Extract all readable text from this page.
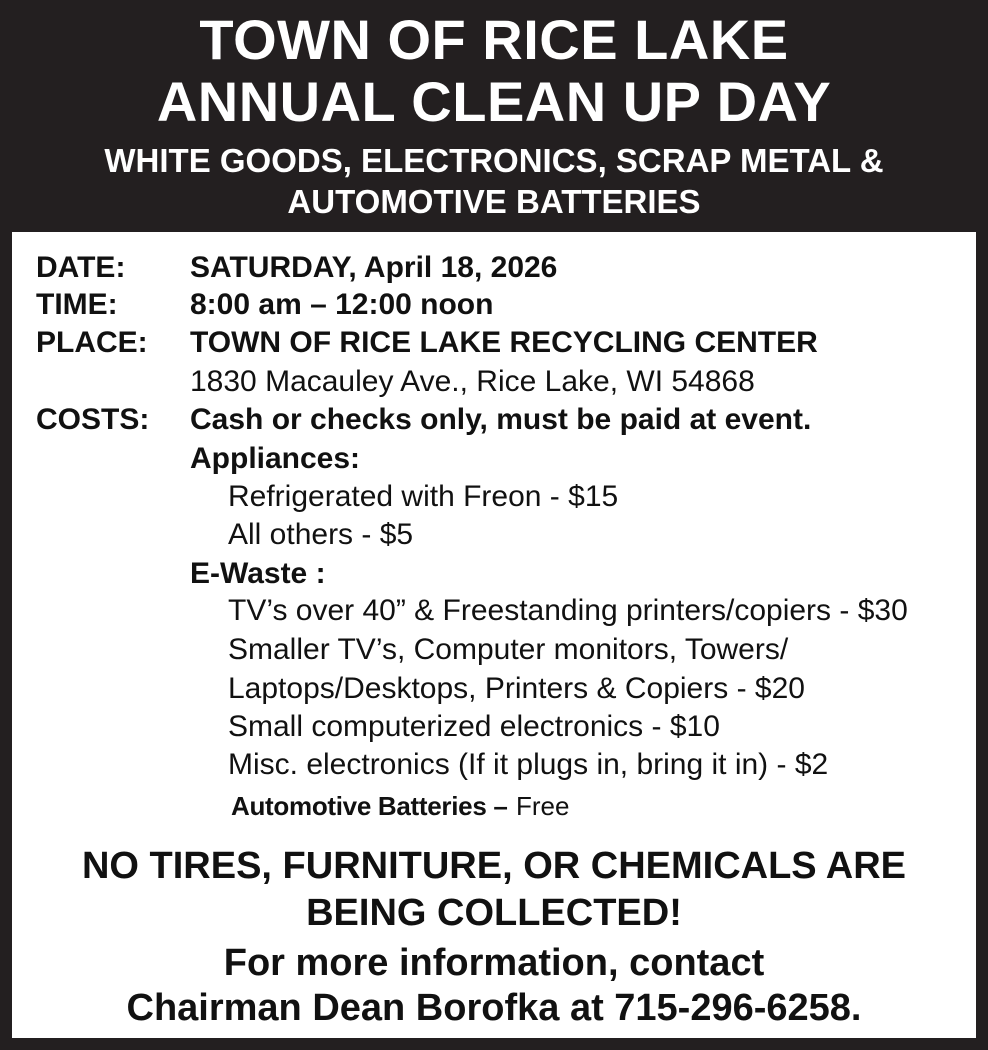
TOWN OF RICE LAKE
ANNUAL CLEAN UP DAY
WHITE GOODS, ELECTRONICS, SCRAP METAL &
AUTOMOTIVE BATTERIES
DATE: SATURDAY, April 18, 2026
TIME: 8:00 am – 12:00 noon
PLACE: TOWN OF RICE LAKE RECYCLING CENTER
1830 Macauley Ave., Rice Lake, WI 54868
COSTS: Cash or checks only, must be paid at event.
Appliances:
Refrigerated with Freon - $15
All others - $5
E-Waste :
TV’s over 40” & Freestanding printers/copiers - $30
Smaller TV’s, Computer monitors, Towers/
Laptops/Desktops, Printers & Copiers - $20
Small computerized electronics - $10
Misc. electronics (If it plugs in, bring it in) - $2
Automotive Batteries – Free
NO TIRES, FURNITURE, OR CHEMICALS ARE
BEING COLLECTED!
For more information, contact
Chairman Dean Borofka at 715-296-6258.
